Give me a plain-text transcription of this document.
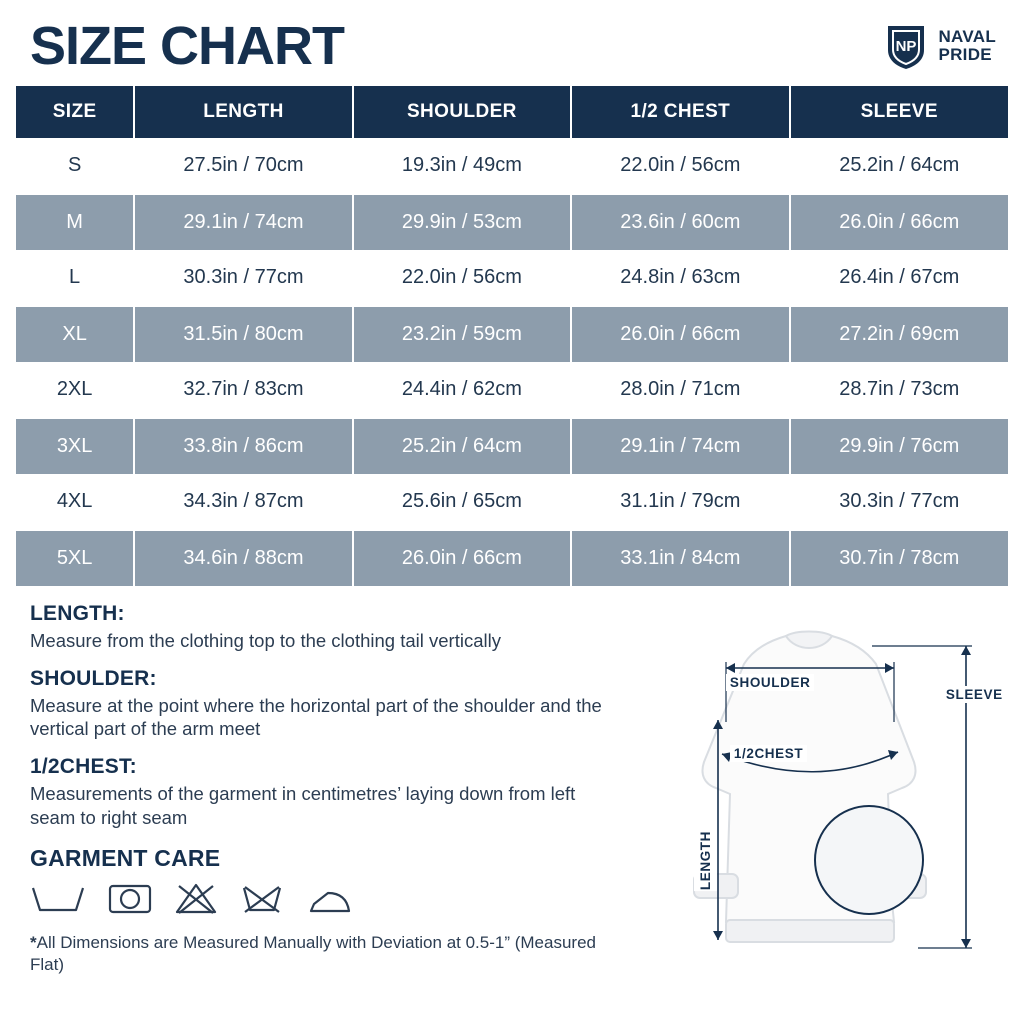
SIZE CHART	NP
NAVAL
PRIDE
SIZE	LENGTH	SHOULDER	1/2 CHEST	SLEEVE
S	27.5in / 70cm	19.3in / 49cm	22.0in / 56cm	25.2in / 64cm
M	29.1in / 74cm	29.9in / 53cm	23.6in / 60cm	26.0in / 66cm
L	30.3in / 77cm	22.0in / 56cm	24.8in / 63cm	26.4in / 67cm
XL	31.5in / 80cm	23.2in / 59cm	26.0in / 66cm	27.2in / 69cm
2XL	32.7in / 83cm	24.4in / 62cm	28.0in / 71cm	28.7in / 73cm
3XL	33.8in / 86cm	25.2in / 64cm	29.1in / 74cm	29.9in / 76cm
4XL	34.3in / 87cm	25.6in / 65cm	31.1in / 79cm	30.3in / 77cm
5XL	34.6in / 88cm	26.0in / 66cm	33.1in / 84cm	30.7in / 78cm

LENGTH:

Measure from the clothing top to the clothing tail vertically

SHOULDER:

Measure at the point where the horizontal part of the shoulder and the vertical part of the arm meet

1/2CHEST:

Measurements of the garment in centimetres’ laying down from left seam to right seam

GARMENT CARE

*All Dimensions are Measured Manually with Deviation at 0.5-1” (Measured Flat)

SHOULDER
1/2CHEST
SLEEVE
LENGTH
